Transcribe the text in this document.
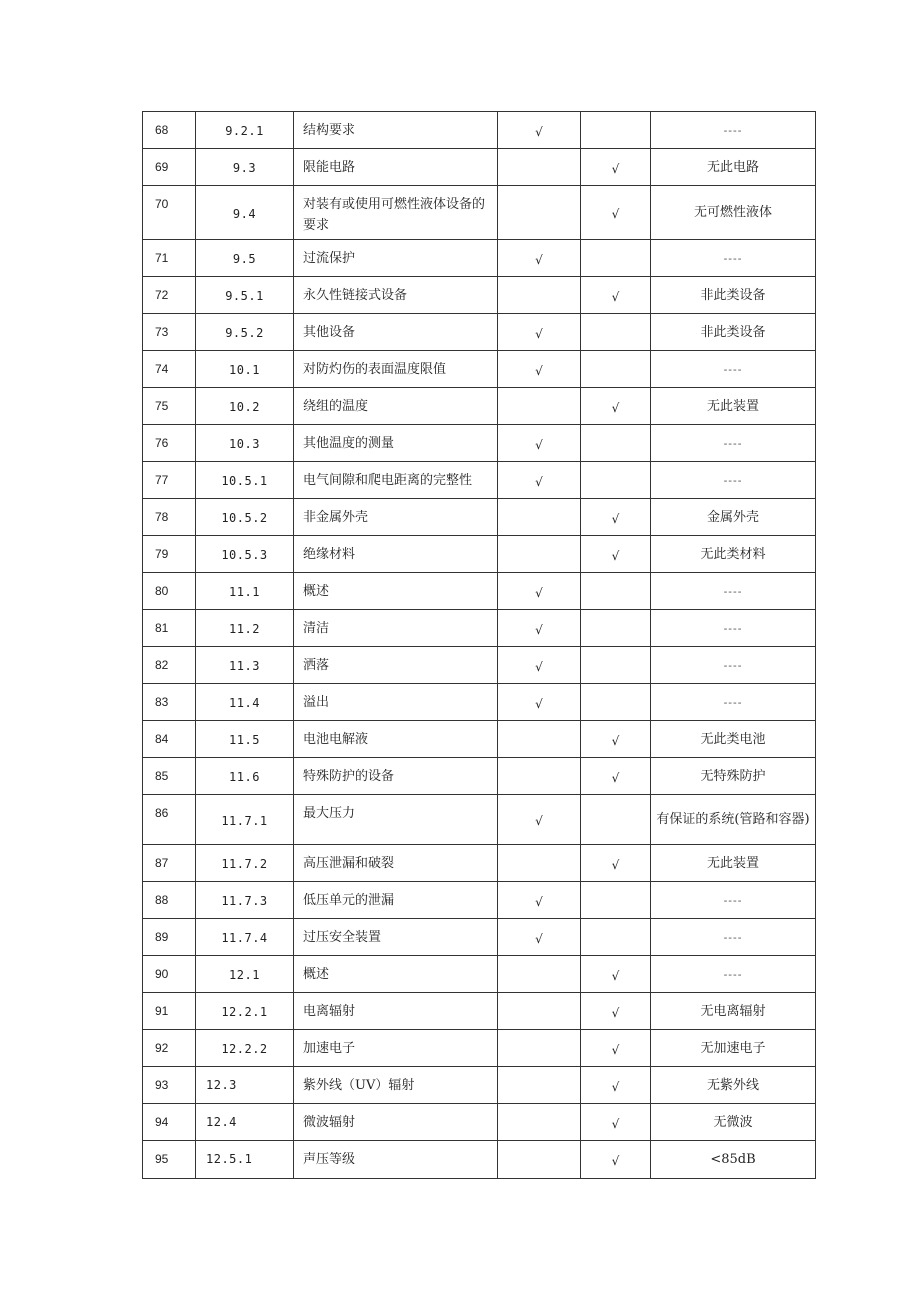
68	9.2.1	结构要求	√		----
69	9.3	限能电路		√	无此电路
70	9.4	对装有或使用可燃性液体设备的要求		√	无可燃性液体
71	9.5	过流保护	√		----
72	9.5.1	永久性链接式设备		√	非此类设备
73	9.5.2	其他设备	√		非此类设备
74	10.1	对防灼伤的表面温度限值	√		----
75	10.2	绕组的温度		√	无此装置
76	10.3	其他温度的测量	√		----
77	10.5.1	电气间隙和爬电距离的完整性	√		----
78	10.5.2	非金属外壳		√	金属外壳
79	10.5.3	绝缘材料		√	无此类材料
80	11.1	概述	√		----
81	11.2	清洁	√		----
82	11.3	洒落	√		----
83	11.4	溢出	√		----
84	11.5	电池电解液		√	无此类电池
85	11.6	特殊防护的设备		√	无特殊防护
86	11.7.1	最大压力	√		有保证的系统(管路和容器)
87	11.7.2	高压泄漏和破裂		√	无此装置
88	11.7.3	低压单元的泄漏	√		----
89	11.7.4	过压安全装置	√		----
90	12.1	概述		√	----
91	12.2.1	电离辐射		√	无电离辐射
92	12.2.2	加速电子		√	无加速电子
93	12.3	紫外线（UV）辐射		√	无紫外线
94	12.4	微波辐射		√	无微波
95	12.5.1	声压等级		√	<85dB
